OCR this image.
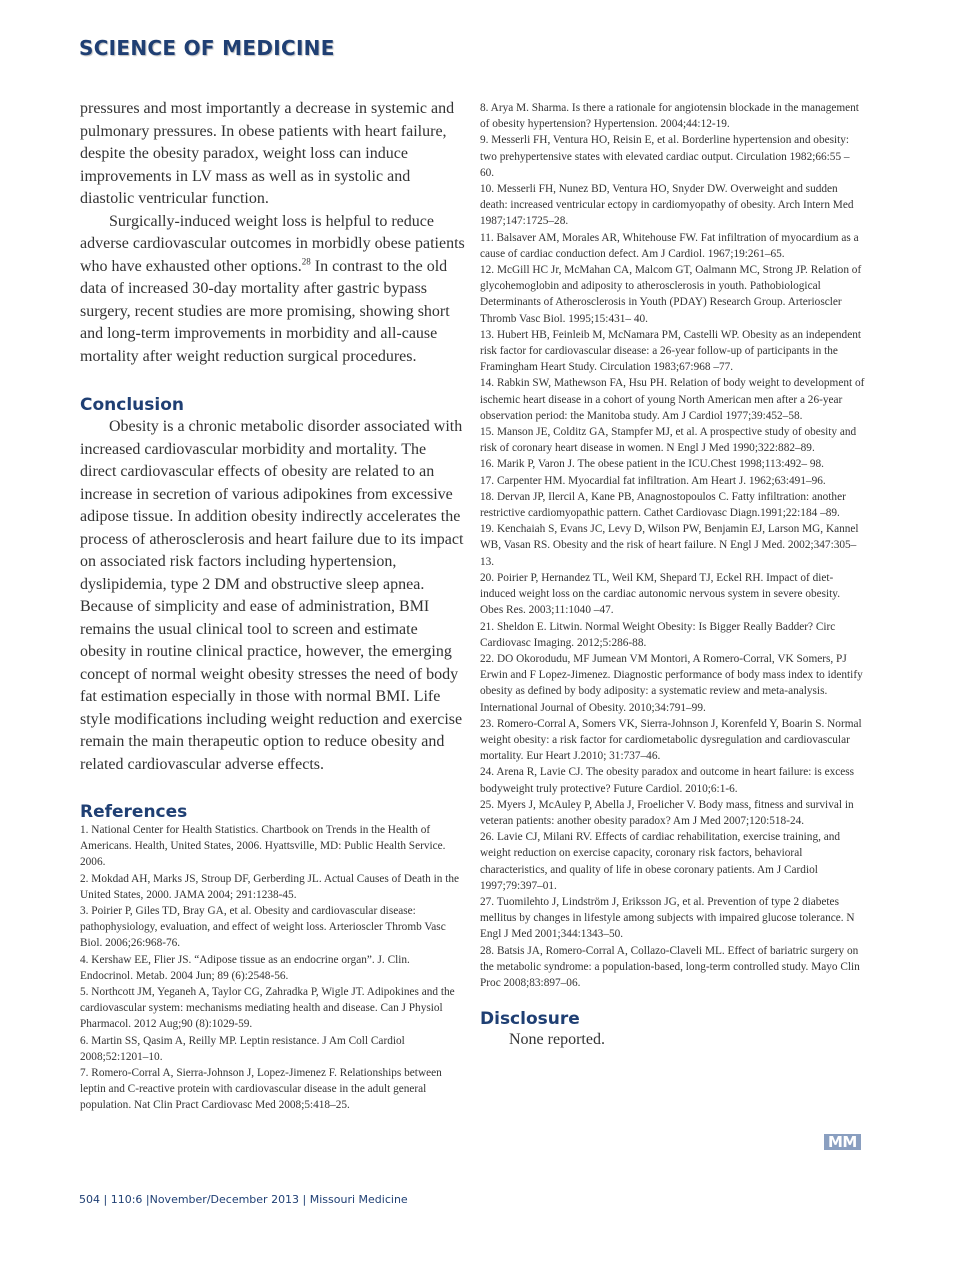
SCIENCE OF MEDICINE

pressures and most importantly a decrease in systemic and pulmonary pressures. In obese patients with heart failure, despite the obesity paradox, weight loss can induce improvements in LV mass as well as in systolic and diastolic ventricular function.

Surgically-induced weight loss is helpful to reduce adverse cardiovascular outcomes in morbidly obese patients who have exhausted other options.$^{28}$ In contrast to the old data of increased 30-day mortality after gastric bypass surgery, recent studies are more promising, showing short and long-term improvements in morbidity and all-cause mortality after weight reduction surgical procedures.

Conclusion

Obesity is a chronic metabolic disorder associated with increased cardiovascular morbidity and mortality. The direct cardiovascular effects of obesity are related to an increase in secretion of various adipokines from excessive adipose tissue. In addition obesity indirectly accelerates the process of atherosclerosis and heart failure due to its impact on associated risk factors including hypertension, dyslipidemia, type 2 DM and obstructive sleep apnea. Because of simplicity and ease of administration, BMI remains the usual clinical tool to screen and estimate obesity in routine clinical practice, however, the emerging concept of normal weight obesity stresses the need of body fat estimation especially in those with normal BMI. Life style modifications including weight reduction and exercise remain the main therapeutic option to reduce obesity and related cardiovascular adverse effects.

References
1. National Center for Health Statistics. Chartbook on Trends in the Health of Americans. Health, United States, 2006. Hyattsville, MD: Public Health Service. 2006.
2. Mokdad AH, Marks JS, Stroup DF, Gerberding JL. Actual Causes of Death in the United States, 2000. JAMA 2004; 291:1238-45.
3. Poirier P, Giles TD, Bray GA, et al. Obesity and cardiovascular disease: pathophysiology, evaluation, and effect of weight loss. Arterioscler Thromb Vasc Biol. 2006;26:968-76.
4. Kershaw EE, Flier JS. “Adipose tissue as an endocrine organ”. J. Clin. Endocrinol. Metab. 2004 Jun; 89 (6):2548-56.
5. Northcott JM, Yeganeh A, Taylor CG, Zahradka P, Wigle JT. Adipokines and the cardiovascular system: mechanisms mediating health and disease. Can J Physiol Pharmacol. 2012 Aug;90 (8):1029-59.
6. Martin SS, Qasim A, Reilly MP. Leptin resistance. J Am Coll Cardiol 2008;52:1201–10.
7. Romero-Corral A, Sierra-Johnson J, Lopez-Jimenez F. Relationships between leptin and C-reactive protein with cardiovascular disease in the adult general population. Nat Clin Pract Cardiovasc Med 2008;5:418–25.
8. Arya M. Sharma. Is there a rationale for angiotensin blockade in the management of obesity hypertension? Hypertension. 2004;44:12-19.
9. Messerli FH, Ventura HO, Reisin E, et al. Borderline hypertension and obesity: two prehypertensive states with elevated cardiac output. Circulation 1982;66:55 – 60.
10. Messerli FH, Nunez BD, Ventura HO, Snyder DW. Overweight and sudden death: increased ventricular ectopy in cardiomyopathy of obesity. Arch Intern Med 1987;147:1725–28.
11. Balsaver AM, Morales AR, Whitehouse FW. Fat infiltration of myocardium as a cause of cardiac conduction defect. Am J Cardiol. 1967;19:261–65.
12. McGill HC Jr, McMahan CA, Malcom GT, Oalmann MC, Strong JP. Relation of glycohemoglobin and adiposity to atherosclerosis in youth. Pathobiological Determinants of Atherosclerosis in Youth (PDAY) Research Group. Arterioscler Thromb Vasc Biol. 1995;15:431– 40.
13. Hubert HB, Feinleib M, McNamara PM, Castelli WP. Obesity as an independent risk factor for cardiovascular disease: a 26-year follow-up of participants in the Framingham Heart Study. Circulation 1983;67:968 –77.
14. Rabkin SW, Mathewson FA, Hsu PH. Relation of body weight to development of ischemic heart disease in a cohort of young North American men after a 26-year observation period: the Manitoba study. Am J Cardiol 1977;39:452–58.
15. Manson JE, Colditz GA, Stampfer MJ, et al. A prospective study of obesity and risk of coronary heart disease in women. N Engl J Med 1990;322:882–89.
16. Marik P, Varon J. The obese patient in the ICU.Chest 1998;113:492– 98.
17. Carpenter HM. Myocardial fat infiltration. Am Heart J. 1962;63:491–96.
18. Dervan JP, Ilercil A, Kane PB, Anagnostopoulos C. Fatty infiltration: another restrictive cardiomyopathic pattern. Cathet Cardiovasc Diagn.1991;22:184 –89.
19. Kenchaiah S, Evans JC, Levy D, Wilson PW, Benjamin EJ, Larson MG, Kannel WB, Vasan RS. Obesity and the risk of heart failure. N Engl J Med. 2002;347:305–13.
20. Poirier P, Hernandez TL, Weil KM, Shepard TJ, Eckel RH. Impact of diet-induced weight loss on the cardiac autonomic nervous system in severe obesity. Obes Res. 2003;11:1040 –47.
21. Sheldon E. Litwin. Normal Weight Obesity: Is Bigger Really Badder? Circ Cardiovasc Imaging. 2012;5:286-88.
22. DO Okorodudu, MF Jumean VM Montori, A Romero-Corral, VK Somers, PJ Erwin and F Lopez-Jimenez. Diagnostic performance of body mass index to identify obesity as defined by body adiposity: a systematic review and meta-analysis. International Journal of Obesity. 2010;34:791–99.
23. Romero-Corral A, Somers VK, Sierra-Johnson J, Korenfeld Y, Boarin S. Normal weight obesity: a risk factor for cardiometabolic dysregulation and cardiovascular mortality. Eur Heart J.2010; 31:737–46.
24. Arena R, Lavie CJ. The obesity paradox and outcome in heart failure: is excess bodyweight truly protective? Future Cardiol. 2010;6:1-6.
25. Myers J, McAuley P, Abella J, Froelicher V. Body mass, fitness and survival in veteran patients: another obesity paradox? Am J Med 2007;120:518-24.
26. Lavie CJ, Milani RV. Effects of cardiac rehabilitation, exercise training, and weight reduction on exercise capacity, coronary risk factors, behavioral characteristics, and quality of life in obese coronary patients. Am J Cardiol 1997;79:397–01.
27. Tuomilehto J, Lindström J, Eriksson JG, et al. Prevention of type 2 diabetes mellitus by changes in lifestyle among subjects with impaired glucose tolerance. N Engl J Med 2001;344:1343–50.
28. Batsis JA, Romero-Corral A, Collazo-Claveli ML. Effect of bariatric surgery on the metabolic syndrome: a population-based, long-term controlled study. Mayo Clin Proc 2008;83:897–06.
Disclosure

None reported.

MM
504 | 110:6 |November/December 2013 | Missouri Medicine
